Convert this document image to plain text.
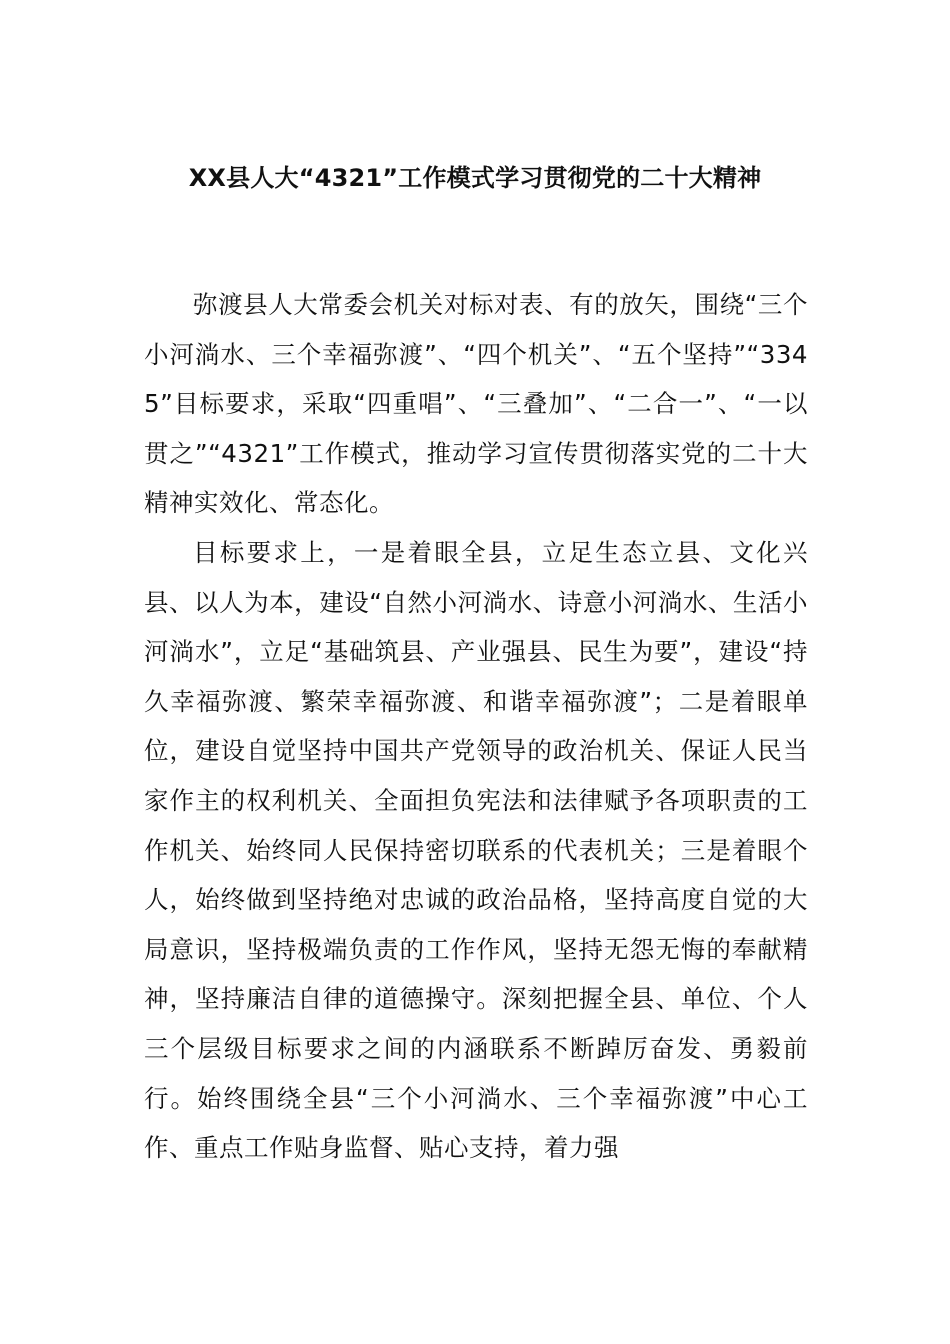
XX县人大“4321”工作模式学习贯彻党的二十大精神

弥渡县人大常委会机关对标对表、有的放矢，围绕“三个小河淌水、三个幸福弥渡”、“四个机关”、“五个坚持”“3345”目标要求，采取“四重唱”、“三叠加”、“二合一”、“一以贯之”“4321”工作模式，推动学习宣传贯彻落实党的二十大精神实效化、常态化。

目标要求上，一是着眼全县，立足生态立县、文化兴县、以人为本，建设“自然小河淌水、诗意小河淌水、生活小河淌水”，立足“基础筑县、产业强县、民生为要”，建设“持久幸福弥渡、繁荣幸福弥渡、和谐幸福弥渡”；二是着眼单位，建设自觉坚持中国共产党领导的政治机关、保证人民当家作主的权利机关、全面担负宪法和法律赋予各项职责的工作机关、始终同人民保持密切联系的代表机关；三是着眼个人，始终做到坚持绝对忠诚的政治品格，坚持高度自觉的大局意识，坚持极端负责的工作作风，坚持无怨无悔的奉献精神，坚持廉洁自律的道德操守。深刻把握全县、单位、个人三个层级目标要求之间的内涵联系不断踔厉奋发、勇毅前行。始终围绕全县“三个小河淌水、三个幸福弥渡”中心工作、重点工作贴身监督、贴心支持，着力强
